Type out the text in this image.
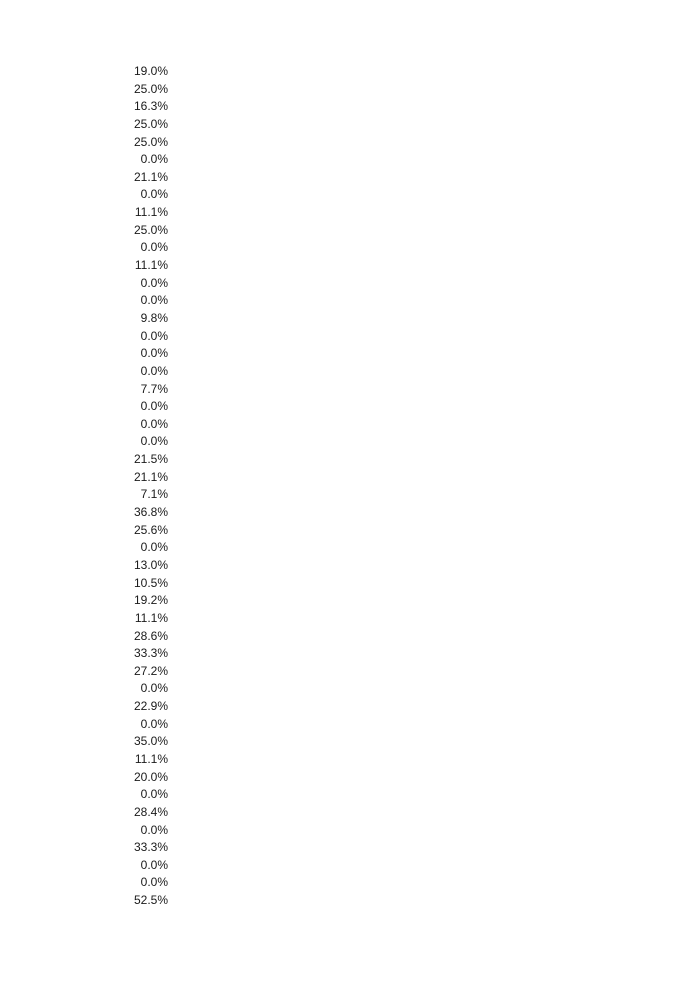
19.0%
25.0%
16.3%
25.0%
25.0%
0.0%
21.1%
0.0%
11.1%
25.0%
0.0%
11.1%
0.0%
0.0%
9.8%
0.0%
0.0%
0.0%
7.7%
0.0%
0.0%
0.0%
21.5%
21.1%
7.1%
36.8%
25.6%
0.0%
13.0%
10.5%
19.2%
11.1%
28.6%
33.3%
27.2%
0.0%
22.9%
0.0%
35.0%
11.1%
20.0%
0.0%
28.4%
0.0%
33.3%
0.0%
0.0%
52.5%
